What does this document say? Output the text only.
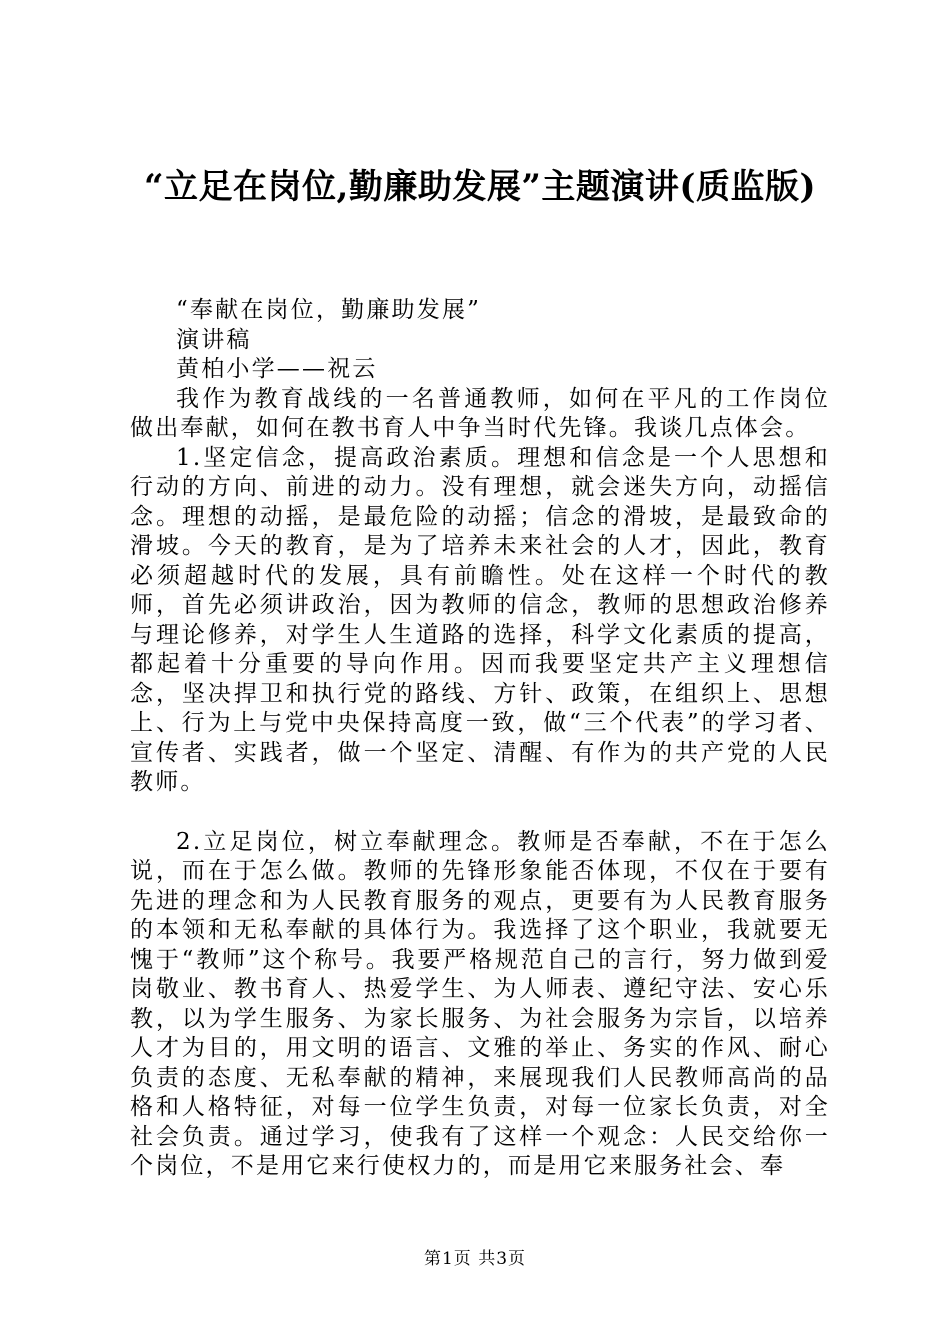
“立足在岗位,勤廉助发展”主题演讲(质监版)

“奉献在岗位，勤廉助发展”

演讲稿

黄柏小学——祝云

我作为教育战线的一名普通教师，如何在平凡的工作岗位做出奉献，如何在教书育人中争当时代先锋。我谈几点体会。

1.坚定信念，提高政治素质。理想和信念是一个人思想和行动的方向、前进的动力。没有理想，就会迷失方向，动摇信念。理想的动摇，是最危险的动摇；信念的滑坡，是最致命的滑坡。今天的教育，是为了培养未来社会的人才，因此，教育必须超越时代的发展，具有前瞻性。处在这样一个时代的教师，首先必须讲政治，因为教师的信念，教师的思想政治修养与理论修养，对学生人生道路的选择，科学文化素质的提高，都起着十分重要的导向作用。因而我要坚定共产主义理想信念，坚决捍卫和执行党的路线、方针、政策，在组织上、思想上、行为上与党中央保持高度一致，做“三个代表”的学习者、宣传者、实践者，做一个坚定、清醒、有作为的共产党的人民教师。

2.立足岗位，树立奉献理念。教师是否奉献，不在于怎么说，而在于怎么做。教师的先锋形象能否体现，不仅在于要有先进的理念和为人民教育服务的观点，更要有为人民教育服务的本领和无私奉献的具体行为。我选择了这个职业，我就要无愧于“教师”这个称号。我要严格规范自己的言行，努力做到爱岗敬业、教书育人、热爱学生、为人师表、遵纪守法、安心乐教，以为学生服务、为家长服务、为社会服务为宗旨，以培养人才为目的，用文明的语言、文雅的举止、务实的作风、耐心负责的态度、无私奉献的精神，来展现我们人民教师高尚的品格和人格特征，对每一位学生负责，对每一位家长负责，对全社会负责。通过学习，使我有了这样一个观念：人民交给你一个岗位，不是用它来行使权力的，而是用它来服务社会、奉

第1页 共3页
